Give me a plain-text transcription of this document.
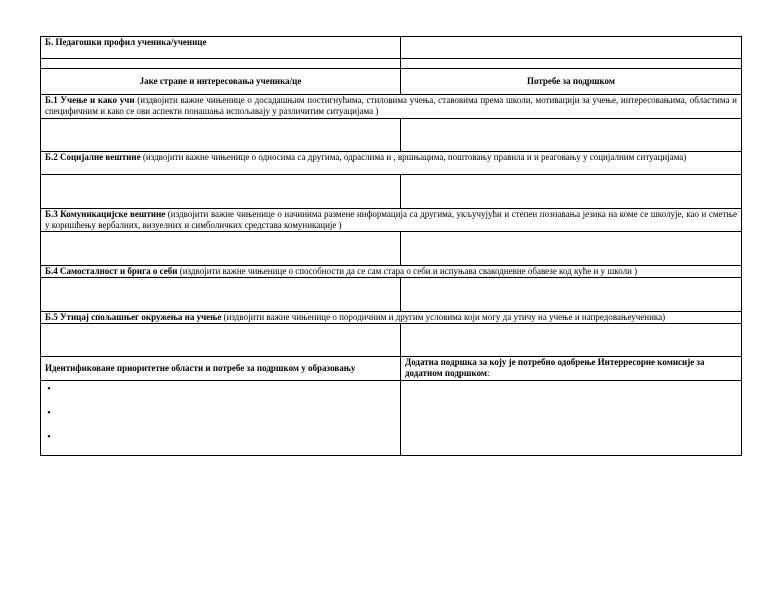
Б. Педагошки профил ученика/ученице	

Јаке стране и интересовања ученика/це	Потребе за подршком
Б.1 Учење и како учи (издвојити важне чињенице о досадашњим постигнућима, стиловима учења, ставовима према школи, мотивацији за учење, интересовањима, областима и специфичним и како се ови аспекти понашања испољавају у различитим ситуацијама )	

Б.2 Социјалне вештине (издвојити важне чињенице о односима са другима, одраслима и , вршњацима, поштовању правила и и реаговању у социјалним ситуацијама)	

Б.3 Комуникацијске вештине (издвојити важне чињенице о начинима размене информација са другима, укључујући и степен познавања језика на коме се школује, као и сметње у коришћењу вербалних, визуелних и симболичких средстава комуникације )	

Б.4 Самосталност и брига о себи (издвојити важне чињенице о способности да се сам стара о себи и испуњава свакодневне обавезе код куће и у школи )	

Б.5 Утицај спољашњег окружења на учење (издвојити важне чињенице о породичним и другим условима који могу да утичу на учење и напредовањеученика)	

Идентификоване приоритетне области и потребе за подршком у образовању	Додатна подршка за коју је потребно одобрење Интерресорне комисије за додатном подршком:

•
•
•	
